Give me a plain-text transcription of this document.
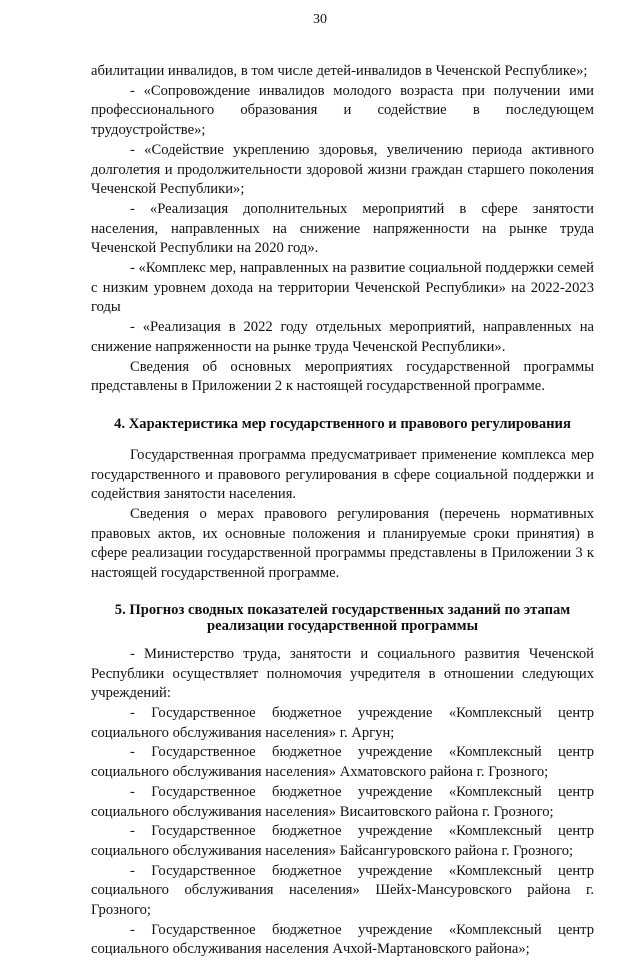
30

абилитации инвалидов, в том числе детей-инвалидов в Чеченской Республике»;

- «Сопровождение инвалидов молодого возраста при получении ими профессионального образования и содействие в последующем трудоустройстве»;

- «Содействие укреплению здоровья, увеличению периода активного долголетия и продолжительности здоровой жизни граждан старшего поколения Чеченской Республики»;

- «Реализация дополнительных мероприятий в сфере занятости населения, направленных на снижение напряженности на рынке труда Чеченской Республики на 2020 год».

- «Комплекс мер, направленных на развитие социальной поддержки семей с низким уровнем дохода на территории Чеченской Республики» на 2022-2023 годы

- «Реализация в 2022 году отдельных мероприятий, направленных на снижение напряженности на рынке труда Чеченской Республики».

Сведения об основных мероприятиях государственной программы представлены в Приложении 2 к настоящей государственной программе.

4. Характеристика мер государственного и правового регулирования

Государственная программа предусматривает применение комплекса мер государственного и правового регулирования в сфере социальной поддержки и содействия занятости населения.

Сведения о мерах правового регулирования (перечень нормативных правовых актов, их основные положения и планируемые сроки принятия) в сфере реализации государственной программы представлены в Приложении 3 к настоящей государственной программе.

5. Прогноз сводных показателей государственных заданий по этапам реализации государственной программы

- Министерство труда, занятости и социального развития Чеченской Республики осуществляет полномочия учредителя в отношении следующих учреждений:

- Государственное бюджетное учреждение «Комплексный центр социального обслуживания населения» г. Аргун;

- Государственное бюджетное учреждение «Комплексный центр социального обслуживания населения» Ахматовского района г. Грозного;

- Государственное бюджетное учреждение «Комплексный центр социального обслуживания населения» Висаитовского района г. Грозного;

- Государственное бюджетное учреждение «Комплексный центр социального обслуживания населения» Байсангуровского района г. Грозного;

- Государственное бюджетное учреждение «Комплексный центр социального обслуживания населения» Шейх-Мансуровского района г. Грозного;

- Государственное бюджетное учреждение «Комплексный центр социального обслуживания населения Ачхой-Мартановского района»;
